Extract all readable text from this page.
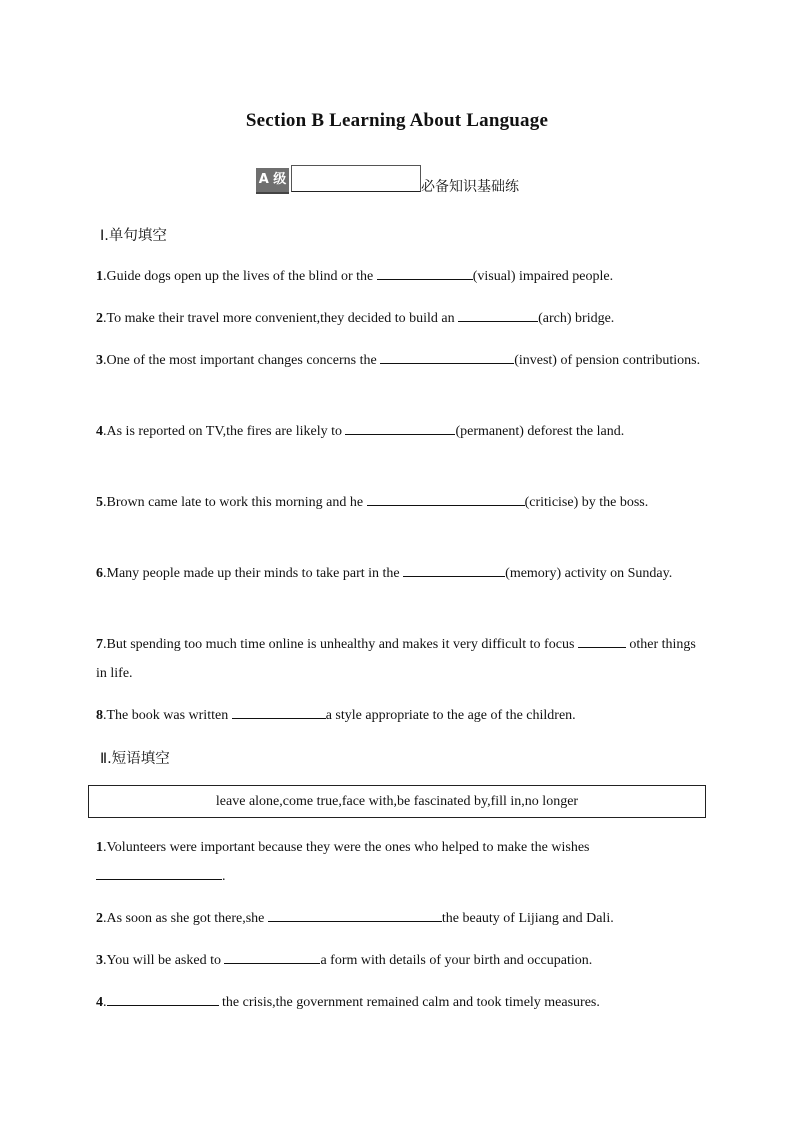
Section B Learning About Language
A 级	必备知识基础练
Ⅰ.单句填空
1.Guide dogs open up the lives of the blind or the	(visual) impaired people.
2.To make their travel more convenient,they decided to build an	(arch) bridge.
3.One of the most important changes concerns the	(invest) of pension contributions.
4.As is reported on TV,the fires are likely to	(permanent) deforest the land.
5.Brown came late to work this morning and he	(criticise) by the boss.
6.Many people made up their minds to take part in the	(memory) activity on Sunday.
7.But spending too much time online is unhealthy and makes it very difficult to focus	other things in life.
8.The book was written	a style appropriate to the age of the children.
Ⅱ.短语填空
leave alone,come true,face with,be fascinated by,fill in,no longer
1.Volunteers were important because they were the ones who helped to make the wishes .
2.As soon as she got there,she	the beauty of Lijiang and Dali.
3.You will be asked to	a form with details of your birth and occupation.
4.	the crisis,the government remained calm and took timely measures.
